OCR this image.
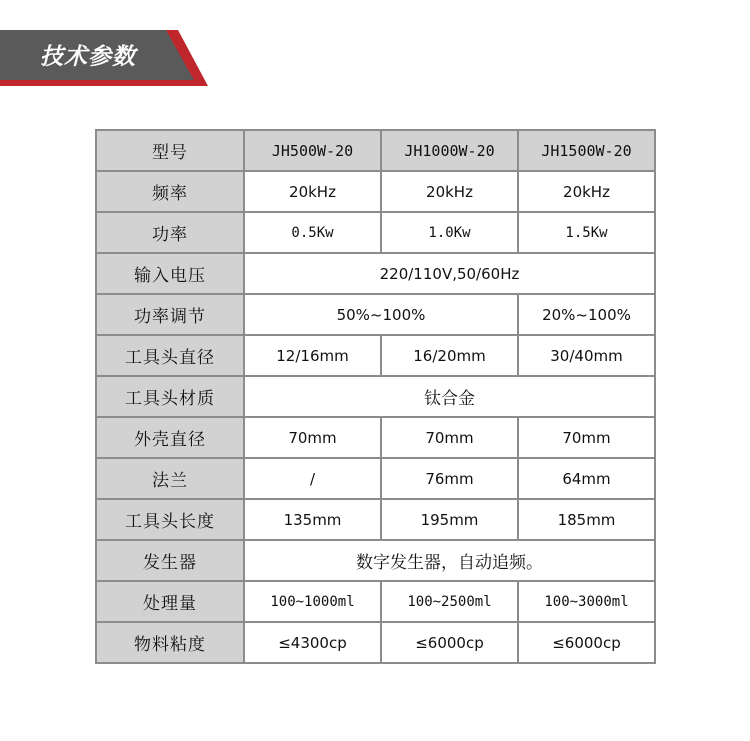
技术参数
型号	JH500W-20	JH1000W-20	JH1500W-20
频率	20kHz	20kHz	20kHz
功率	0.5Kw	1.0Kw	1.5Kw
输入电压	220/110V,50/60Hz		
功率调节	50%~100%		20%~100%
工具头直径	12/16mm	16/20mm	30/40mm
工具头材质	钛合金		
外壳直径	70mm	70mm	70mm
法兰	/	76mm	64mm
工具头长度	135mm	195mm	185mm
发生器	数字发生器，自动追频。		
处理量	100~1000ml	100~2500ml	100~3000ml
物料粘度	≤4300cp	≤6000cp	≤6000cp
